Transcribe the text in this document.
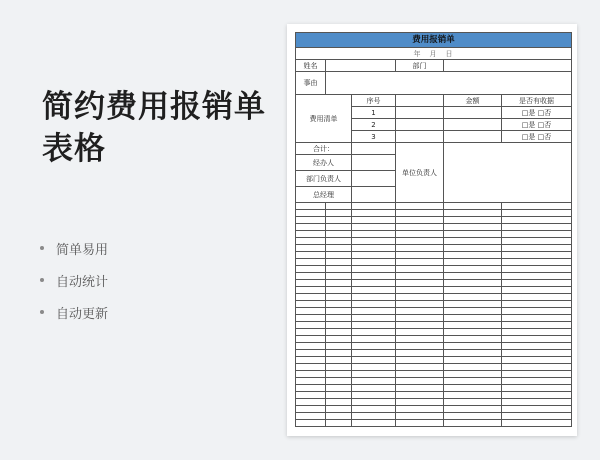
简约费用报销单
表格
简单易用
自动统计
自动更新
费用报销单					
年　月　日					
姓名			部门		
事由					
费用清单		序号		金额	是否有收据
		1			□是 □否
		2			□是 □否
		3			□是 □否
合计：			单位负责人		
经办人					
部门负责人					
总经理					
